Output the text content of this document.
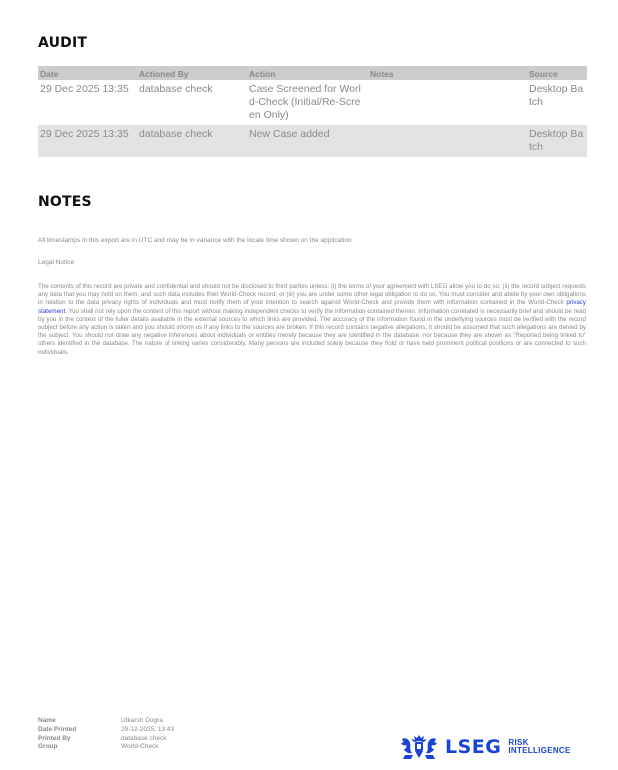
AUDIT
Date	Actioned By	Action	Notes	Source
29 Dec 2025 13:35	database check	Case Screened for World-Check (Initial/Re-Screen Only)		Desktop Batch
29 Dec 2025 13:35	database check	New Case added		Desktop Batch
NOTES
All timestamps in this export are in UTC and may be in variance with the locale time shown on the application
Legal Notice
The contents of this record are private and confidential and should not be disclosed to third parties unless: (i) the terms of your agreement with LSEG allow you to do so; (ii) the record subject requests any data that you may hold on them, and such data includes their World-Check record; or (iii) you are under some other legal obligation to do so. You must consider and abide by your own obligations in relation to the data privacy rights of individuals and must notify them of your intention to search against World-Check and provide them with information contained in the World-Check privacy statement. You shall not rely upon the content of this report without making independent checks to verify the information contained therein. Information correlated is necessarily brief and should be read by you in the context of the fuller details available in the external sources to which links are provided. The accuracy of the information found in the underlying sources must be verified with the record subject before any action is taken and you should inform us if any links to the sources are broken. If this record contains negative allegations, it should be assumed that such allegations are denied by the subject. You should not draw any negative inferences about individuals or entities merely because they are identified in the database, nor because they are shown as "Reported being linked to" others identified in the database. The nature of linking varies considerably. Many persons are included solely because they hold or have held prominent political positions or are connected to such individuals.
Name	Utkarsh Dogra
Date Printed	29-12-2025, 13:43
Printed By	database check
Group	World-Check	LSEG RISK
INTELLIGENCE
